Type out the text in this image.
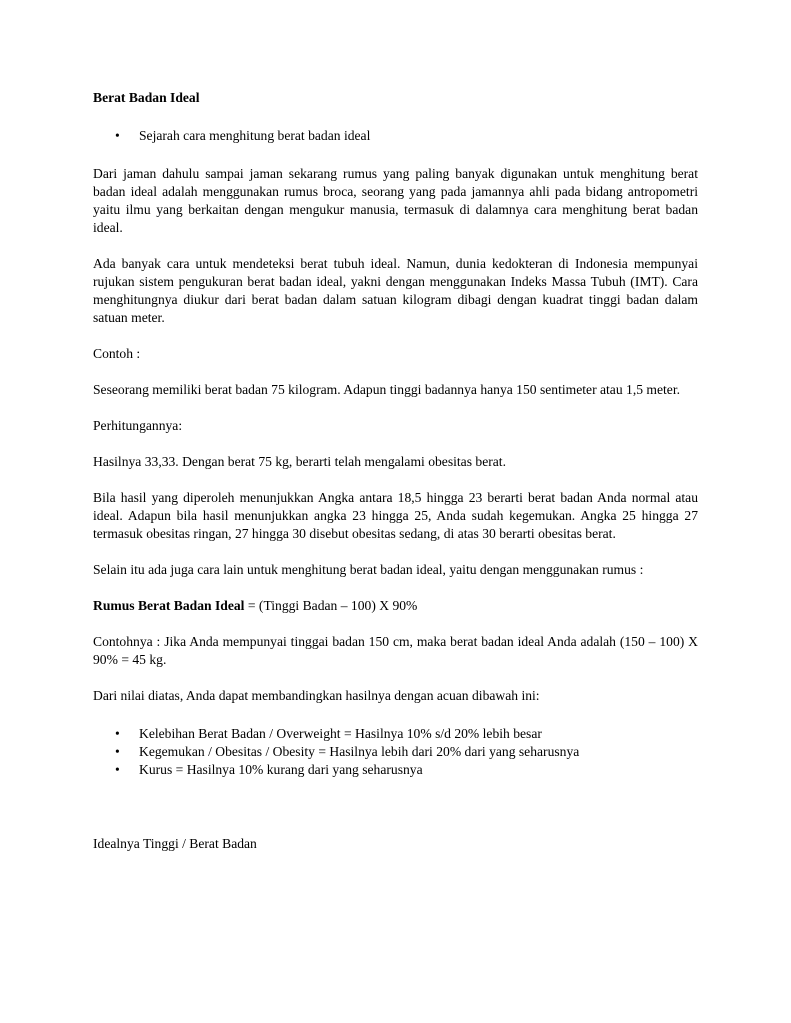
Berat Badan Ideal

• Sejarah cara menghitung berat badan ideal

Dari jaman dahulu sampai jaman sekarang rumus yang paling banyak digunakan untuk menghitung berat badan ideal adalah menggunakan rumus broca, seorang yang pada jamannya ahli pada bidang antropometri yaitu ilmu yang berkaitan dengan mengukur manusia, termasuk di dalamnya cara menghitung berat badan ideal.

Ada banyak cara untuk mendeteksi berat tubuh ideal. Namun, dunia kedokteran di Indonesia mempunyai rujukan sistem pengukuran berat badan ideal, yakni dengan menggunakan Indeks Massa Tubuh (IMT). Cara menghitungnya diukur dari berat badan dalam satuan kilogram dibagi dengan kuadrat tinggi badan dalam satuan meter.

Contoh :

Seseorang memiliki berat badan 75 kilogram. Adapun tinggi badannya hanya 150 sentimeter atau 1,5 meter.

Perhitungannya:

Hasilnya 33,33. Dengan berat 75 kg, berarti telah mengalami obesitas berat.

Bila hasil yang diperoleh menunjukkan Angka antara 18,5 hingga 23 berarti berat badan Anda normal atau ideal. Adapun bila hasil menunjukkan angka 23 hingga 25, Anda sudah kegemukan. Angka 25 hingga 27 termasuk obesitas ringan, 27 hingga 30 disebut obesitas sedang, di atas 30 berarti obesitas berat.

Selain itu ada juga cara lain untuk menghitung berat badan ideal, yaitu dengan menggunakan rumus :

Rumus Berat Badan Ideal = (Tinggi Badan – 100) X 90%

Contohnya : Jika Anda mempunyai tinggai badan 150 cm, maka berat badan ideal Anda adalah (150 – 100) X 90% = 45 kg.

Dari nilai diatas, Anda dapat membandingkan hasilnya dengan acuan dibawah ini:

• Kelebihan Berat Badan / Overweight = Hasilnya 10% s/d 20% lebih besar
• Kegemukan / Obesitas / Obesity = Hasilnya lebih dari 20% dari yang seharusnya
• Kurus = Hasilnya 10% kurang dari yang seharusnya

Idealnya Tinggi / Berat Badan
